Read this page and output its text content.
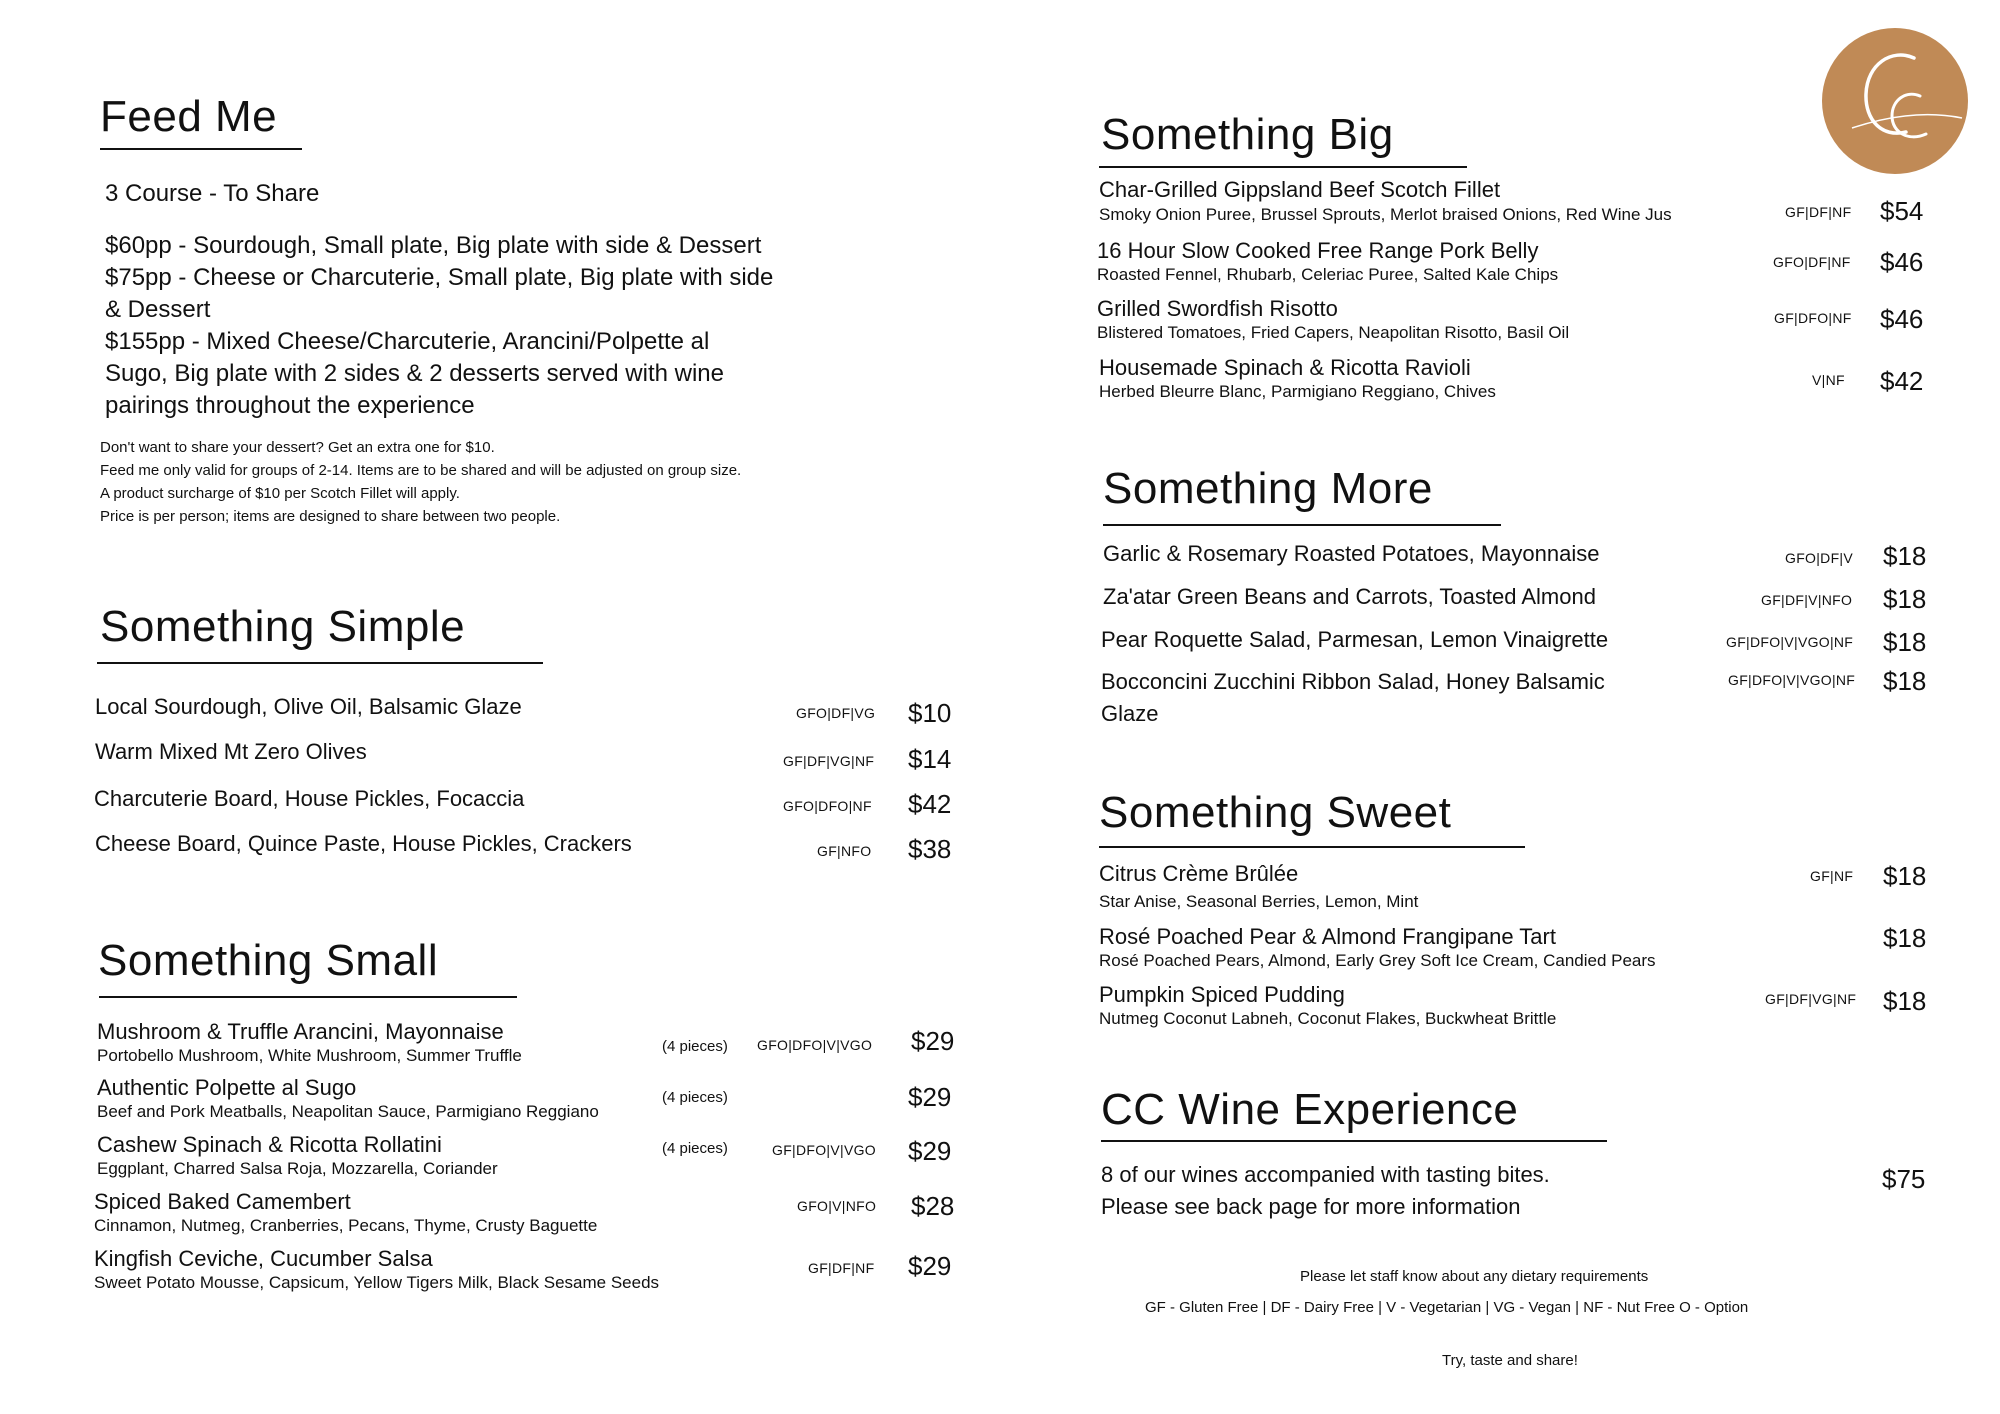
Feed Me
3 Course - To Share
$60pp - Sourdough, Small plate, Big plate with side & Dessert
$75pp - Cheese or Charcuterie, Small plate, Big plate with side
& Dessert
$155pp - Mixed Cheese/Charcuterie, Arancini/Polpette al
Sugo, Big plate with 2 sides & 2 desserts served with wine
pairings throughout the experience
Don't want to share your dessert? Get an extra one for $10.
Feed me only valid for groups of 2-14. Items are to be shared and will be adjusted on group size.
A product surcharge of $10 per Scotch Fillet will apply.
Price is per person; items are designed to share between two people.
Something Simple
Local Sourdough, Olive Oil, Balsamic Glaze	GFO|DF|VG $10
Warm Mixed Mt Zero Olives	GF|DF|VG|NF $14
Charcuterie Board, House Pickles, Focaccia	GFO|DFO|NF $42
Cheese Board, Quince Paste, House Pickles, Crackers	GF|NFO $38
Something Small
Mushroom & Truffle Arancini, Mayonnaise
Portobello Mushroom, White Mushroom, Summer Truffle	(4 pieces) GFO|DFO|V|VGO $29
Authentic Polpette al Sugo
Beef and Pork Meatballs, Neapolitan Sauce, Parmigiano Reggiano
(4 pieces)	$29
Cashew Spinach & Ricotta Rollatini
Eggplant, Charred Salsa Roja, Mozzarella, Coriander
(4 pieces)	GF|DFO|V|VGO $29
Spiced Baked Camembert
Cinnamon, Nutmeg, Cranberries, Pecans, Thyme, Crusty Baguette
GFO|V|NFO $28
Kingfish Ceviche, Cucumber Salsa
Sweet Potato Mousse, Capsicum, Yellow Tigers Milk, Black Sesame Seeds
GF|DF|NF $29
Something Big
Char-Grilled Gippsland Beef Scotch Fillet
Smoky Onion Puree, Brussel Sprouts, Merlot braised Onions, Red Wine Jus	GF|DF|NF $54
16 Hour Slow Cooked Free Range Pork Belly
Roasted Fennel, Rhubarb, Celeriac Puree, Salted Kale Chips
GFO|DF|NF $46
Grilled Swordfish Risotto
Blistered Tomatoes, Fried Capers, Neapolitan Risotto, Basil Oil
GF|DFO|NF $46
Housemade Spinach & Ricotta Ravioli
Herbed Bleurre Blanc, Parmigiano Reggiano, Chives
V|NF $42
Something More
Garlic & Rosemary Roasted Potatoes, Mayonnaise	GFO|DF|V $18
Za'atar Green Beans and Carrots, Toasted Almond	GF|DF|V|NFO $18
Pear Roquette Salad, Parmesan, Lemon Vinaigrette	GF|DFO|V|VGO|NF $18
Bocconcini Zucchini Ribbon Salad, Honey Balsamic
Glaze
GF|DFO|V|VGO|NF $18
Something Sweet
Citrus Crème Brûlée
Star Anise, Seasonal Berries, Lemon, Mint
GF|NF $18
Rosé Poached Pear & Almond Frangipane Tart
Rosé Poached Pears, Almond, Early Grey Soft Ice Cream, Candied Pears
$18
Pumpkin Spiced Pudding
Nutmeg Coconut Labneh, Coconut Flakes, Buckwheat Brittle
GF|DF|VG|NF $18
CC Wine Experience
8 of our wines accompanied with tasting bites.
Please see back page for more information
$75
Please let staff know about any dietary requirements
GF - Gluten Free | DF - Dairy Free | V - Vegetarian | VG - Vegan | NF - Nut Free O - Option
Try, taste and share!
